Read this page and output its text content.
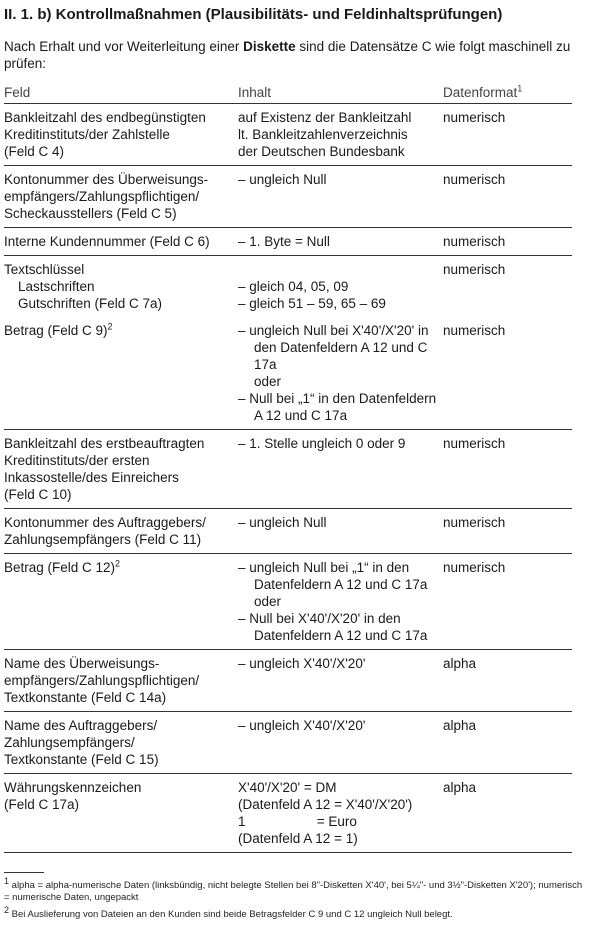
II. 1. b) Kontrollmaßnahmen (Plausibilitäts- und Feldinhaltsprüfungen)
Nach Erhalt und vor Weiterleitung einer Diskette sind die Datensätze C wie folgt maschinell zu prüfen:
Feld	Inhalt	Datenformat$^1$

Bankleitzahl des endbegünstigten
Kreditinstituts/der Zahlstelle
(Feld C 4)	auf Existenz der Bankleitzahl
lt. Bankleitzahlenverzeichnis
der Deutschen Bundesbank	numerisch

Kontonummer des Überweisungs-
empfängers/Zahlungspflichtigen/
Scheckausstellers (Feld C 5)	– ungleich Null	numerisch

Interne Kundennummer (Feld C 6)	– 1. Byte = Null	numerisch

Textschlüssel
Lastschriften
Gutschriften (Feld C 7a)	– gleich 04, 05, 09
– gleich 51 – 59, 65 – 69	numerisch
Betrag (Feld C 9)$^2$	– ungleich Null bei X'40'/X'20' in den Datenfeldern A 12 und C 17a
oder
– Null bei „1“ in den Datenfeldern A 12 und C 17a	numerisch

Bankleitzahl des erstbeauftragten
Kreditinstituts/der ersten
Inkassostelle/des Einreichers
(Feld C 10)	– 1. Stelle ungleich 0 oder 9	numerisch

Kontonummer des Auftraggebers/
Zahlungsempfängers (Feld C 11)	– ungleich Null	numerisch
Betrag (Feld C 12)$^2$	– ungleich Null bei „1“ in den Datenfeldern A 12 und C 17a
oder
– Null bei X'40'/X'20' in den Datenfeldern A 12 und C 17a	numerisch

Name des Überweisungs-
empfängers/Zahlungspflichtigen/
Textkonstante (Feld C 14a)	– ungleich X'40'/X'20'	alpha

Name des Auftraggebers/
Zahlungsempfängers/
Textkonstante (Feld C 15)	– ungleich X'40'/X'20'	alpha

Währungskennzeichen
(Feld C 17a)	X'40'/X'20' = DM
(Datenfeld A 12 = X'40'/X'20')
1                   = Euro
(Datenfeld A 12 = 1)	alpha
$^1$ alpha = alpha-numerische Daten (linksbündig, nicht belegte Stellen bei 8"-Disketten X'40', bei 5¼"- und 3½"-Disketten X'20'); numerisch = numerische Daten, ungepackt
$^2$ Bei Auslieferung von Dateien an den Kunden sind beide Betragsfelder C 9 und C 12 ungleich Null belegt.
